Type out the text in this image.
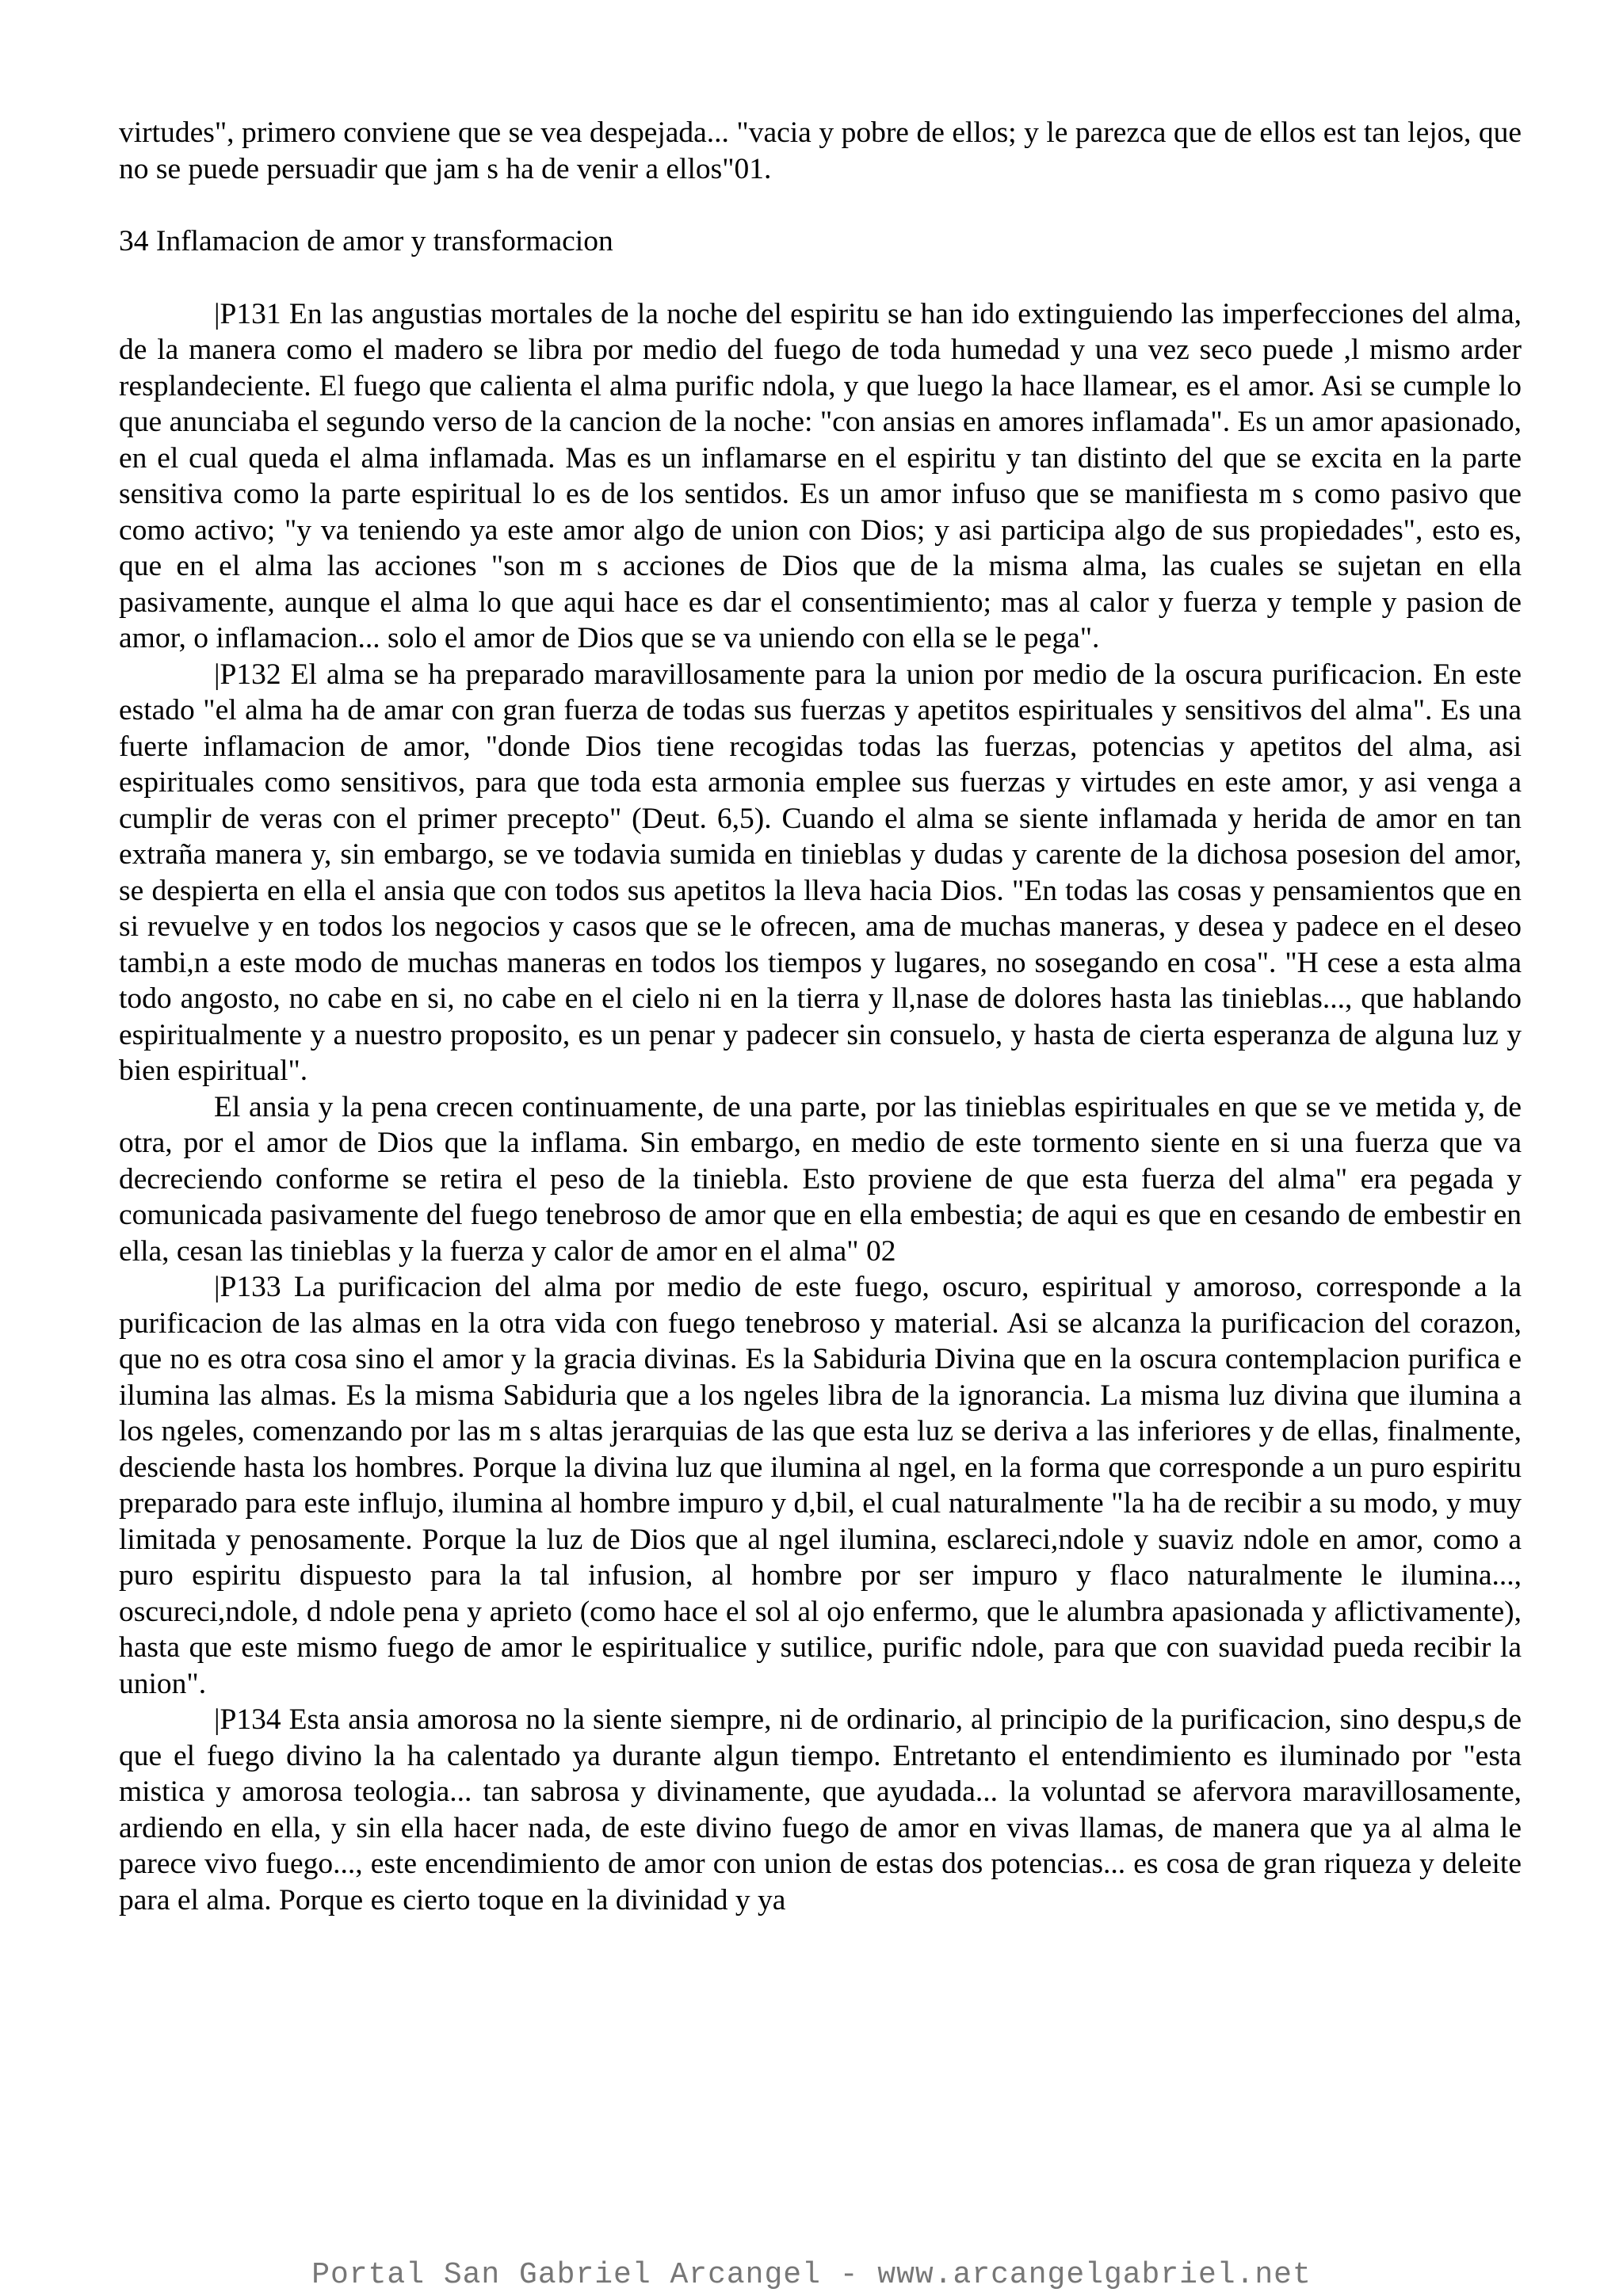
virtudes", primero conviene que se vea despejada... "vacia y pobre de ellos; y le parezca que de ellos est tan lejos, que no se puede persuadir que jam s ha de venir a ellos"01.

34 Inflamacion de amor y transformacion

|P131 En las angustias mortales de la noche del espiritu se han ido extinguiendo las imperfecciones del alma, de la manera como el madero se libra por medio del fuego de toda humedad y una vez seco puede ,l mismo arder resplandeciente. El fuego que calienta el alma purific ndola, y que luego la hace llamear, es el amor. Asi se cumple lo que anunciaba el segundo verso de la cancion de la noche: "con ansias en amores inflamada". Es un amor apasionado, en el cual queda el alma inflamada. Mas es un inflamarse en el espiritu y tan distinto del que se excita en la parte sensitiva como la parte espiritual lo es de los sentidos. Es un amor infuso que se manifiesta m s como pasivo que como activo; "y va teniendo ya este amor algo de union con Dios; y asi participa algo de sus propiedades", esto es, que en el alma las acciones "son m s acciones de Dios que de la misma alma, las cuales se sujetan en ella pasivamente, aunque el alma lo que aqui hace es dar el consentimiento; mas al calor y fuerza y temple y pasion de amor, o inflamacion... solo el amor de Dios que se va uniendo con ella se le pega".

|P132 El alma se ha preparado maravillosamente para la union por medio de la oscura purificacion. En este estado "el alma ha de amar con gran fuerza de todas sus fuerzas y apetitos espirituales y sensitivos del alma". Es una fuerte inflamacion de amor, "donde Dios tiene recogidas todas las fuerzas, potencias y apetitos del alma, asi espirituales como sensitivos, para que toda esta armonia emplee sus fuerzas y virtudes en este amor, y asi venga a cumplir de veras con el primer precepto" (Deut. 6,5). Cuando el alma se siente inflamada y herida de amor en tan extraña manera y, sin embargo, se ve todavia sumida en tinieblas y dudas y carente de la dichosa posesion del amor, se despierta en ella el ansia que con todos sus apetitos la lleva hacia Dios. "En todas las cosas y pensamientos que en si revuelve y en todos los negocios y casos que se le ofrecen, ama de muchas maneras, y desea y padece en el deseo tambi,n a este modo de muchas maneras en todos los tiempos y lugares, no sosegando en cosa". "H cese a esta alma todo angosto, no cabe en si, no cabe en el cielo ni en la tierra y ll,nase de dolores hasta las tinieblas..., que hablando espiritualmente y a nuestro proposito, es un penar y padecer sin consuelo, y hasta de cierta esperanza de alguna luz y bien espiritual".

El ansia y la pena crecen continuamente, de una parte, por las tinieblas espirituales en que se ve metida y, de otra, por el amor de Dios que la inflama. Sin embargo, en medio de este tormento siente en si una fuerza que va decreciendo conforme se retira el peso de la tiniebla. Esto proviene de que esta fuerza del alma" era pegada y comunicada pasivamente del fuego tenebroso de amor que en ella embestia; de aqui es que en cesando de embestir en ella, cesan las tinieblas y la fuerza y calor de amor en el alma" 02

|P133 La purificacion del alma por medio de este fuego, oscuro, espiritual y amoroso, corresponde a la purificacion de las almas en la otra vida con fuego tenebroso y material. Asi se alcanza la purificacion del corazon, que no es otra cosa sino el amor y la gracia divinas. Es la Sabiduria Divina que en la oscura contemplacion purifica e ilumina las almas. Es la misma Sabiduria que a los ngeles libra de la ignorancia. La misma luz divina que ilumina a los ngeles, comenzando por las m s altas jerarquias de las que esta luz se deriva a las inferiores y de ellas, finalmente, desciende hasta los hombres. Porque la divina luz que ilumina al ngel, en la forma que corresponde a un puro espiritu preparado para este influjo, ilumina al hombre impuro y d,bil, el cual naturalmente "la ha de recibir a su modo, y muy limitada y penosamente. Porque la luz de Dios que al ngel ilumina, esclareci,ndole y suaviz ndole en amor, como a puro espiritu dispuesto para la tal infusion, al hombre por ser impuro y flaco naturalmente le ilumina..., oscureci,ndole, d ndole pena y aprieto (como hace el sol al ojo enfermo, que le alumbra apasionada y aflictivamente), hasta que este mismo fuego de amor le espiritualice y sutilice, purific ndole, para que con suavidad pueda recibir la union".

|P134 Esta ansia amorosa no la siente siempre, ni de ordinario, al principio de la purificacion, sino despu,s de que el fuego divino la ha calentado ya durante algun tiempo. Entretanto el entendimiento es iluminado por "esta mistica y amorosa teologia... tan sabrosa y divinamente, que ayudada... la voluntad se afervora maravillosamente, ardiendo en ella, y sin ella hacer nada, de este divino fuego de amor en vivas llamas, de manera que ya al alma le parece vivo fuego..., este encendimiento de amor con union de estas dos potencias... es cosa de gran riqueza y deleite para el alma. Porque es cierto toque en la divinidad y ya

Portal San Gabriel Arcangel - www.arcangelgabriel.net
